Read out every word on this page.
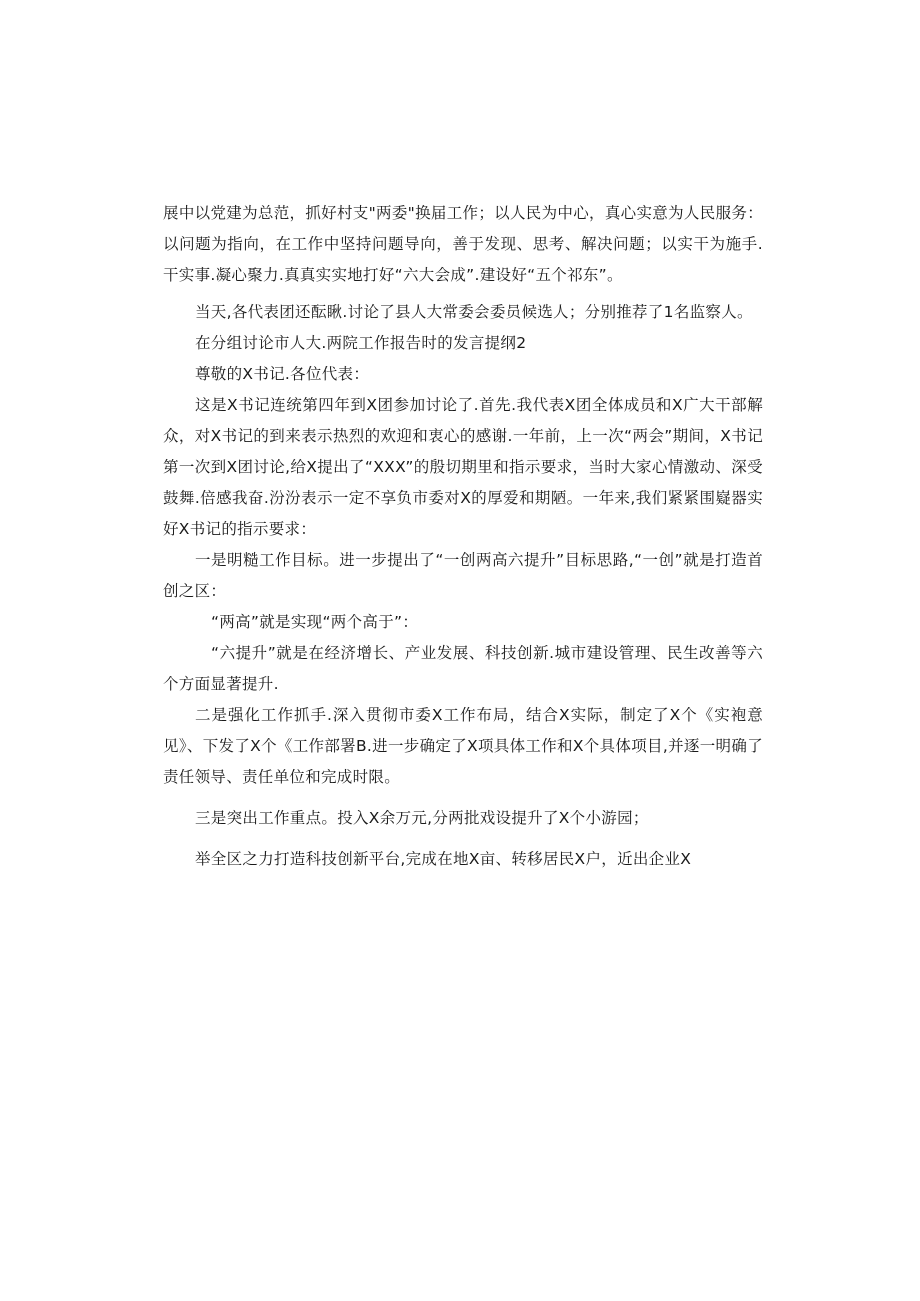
展中以党建为总范，抓好村支"两委"换届工作；以人民为中心，真心实意为人民服务：以问题为指向，在工作中坚持问题导向，善于发现、思考、解决问题；以实干为施手.干实事.凝心聚力.真真实实地打好“六大会成”.建设好“五个祁东”。

当天,各代表团还酝瞅.讨论了县人大常委会委员候选人；分别推荐了1名监察人。

在分组讨论市人大.两院工作报告时的发言提纲2

尊敬的X书记.各位代表：

这是X书记连统第四年到X团参加讨论了.首先.我代表X团全体成员和X广大干部解众，对X书记的到来表示热烈的欢迎和衷心的感谢.一年前，上一次“两会”期间，X书记第一次到X团讨论,给X提出了“XXX”的殷切期里和指示要求，当时大家心情激动、深受鼓舞.倍感我奋.汾汾表示一定不享负市委对X的厚爱和期陋。一年来,我们紧紧围嶷器实好X书记的指示要求：

一是明糙工作目标。进一步提出了“一创两高六提升”目标思路,“一创”就是打造首创之区：

“两高”就是实现“两个高于”：

“六提升”就是在经济增长、产业发展、科技创新.城市建设管理、民生改善等六个方面显著提升.

二是强化工作抓手.深入贯彻市委X工作布局，结合X实际，制定了X个《实袍意见》、下发了X个《工作部署B.进一步确定了X项具体工作和X个具体项目,并逐一明确了责任领导、责任单位和完成时限。

三是突出工作重点。投入X余万元,分两批戏设提升了X个小游园；

举全区之力打造科技创新平台,完成在地X亩、转移居民X户，近出企业X
